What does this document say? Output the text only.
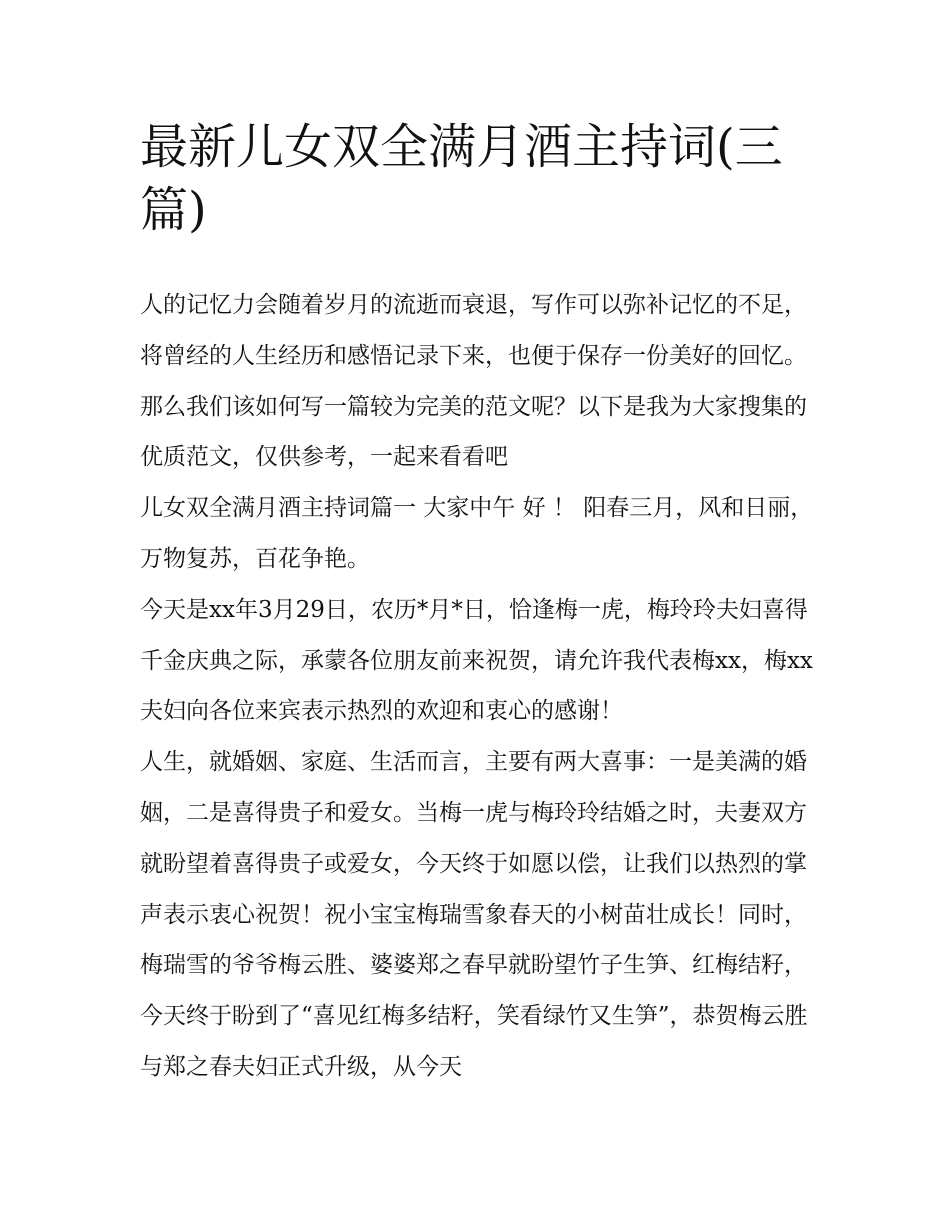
最新儿女双全满月酒主持词(三篇)

人的记忆力会随着岁月的流逝而衰退，写作可以弥补记忆的不足，将曾经的人生经历和感悟记录下来，也便于保存一份美好的回忆。那么我们该如何写一篇较为完美的范文呢？以下是我为大家搜集的优质范文，仅供参考，一起来看看吧

儿女双全满月酒主持词篇一 大家中午 好 ！ 阳春三月，风和日丽，万物复苏，百花争艳。

今天是xx年3月29日，农历*月*日，恰逢梅一虎，梅玲玲夫妇喜得千金庆典之际，承蒙各位朋友前来祝贺，请允许我代表梅xx，梅xx夫妇向各位来宾表示热烈的欢迎和衷心的感谢！

人生，就婚姻、家庭、生活而言，主要有两大喜事：一是美满的婚姻，二是喜得贵子和爱女。当梅一虎与梅玲玲结婚之时，夫妻双方就盼望着喜得贵子或爱女，今天终于如愿以偿，让我们以热烈的掌声表示衷心祝贺！祝小宝宝梅瑞雪象春天的小树苗壮成长！同时，梅瑞雪的爷爷梅云胜、婆婆郑之春早就盼望竹子生笋、红梅结籽，今天终于盼到了“喜见红梅多结籽，笑看绿竹又生笋”，恭贺梅云胜与郑之春夫妇正式升级，从今天
